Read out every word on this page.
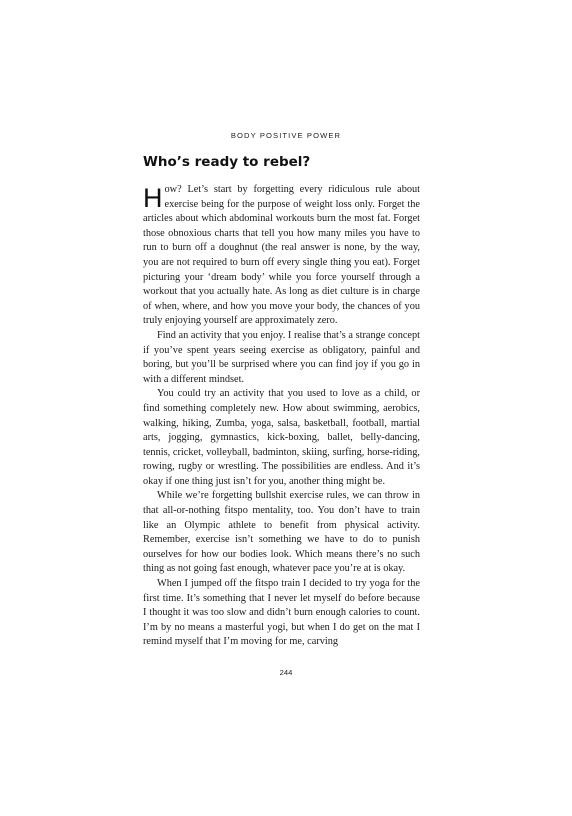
BODY POSITIVE POWER
Who’s ready to rebel?

How? Let’s start by forgetting every ridiculous rule about exercise being for the purpose of weight loss only. Forget the articles about which abdominal workouts burn the most fat. Forget those obnoxious charts that tell you how many miles you have to run to burn off a doughnut (the real answer is none, by the way, you are not required to burn off every single thing you eat). Forget picturing your ‘dream body’ while you force yourself through a workout that you actually hate. As long as diet culture is in charge of when, where, and how you move your body, the chances of you truly enjoying yourself are approximately zero.

Find an activity that you enjoy. I realise that’s a strange concept if you’ve spent years seeing exercise as obligatory, painful and boring, but you’ll be surprised where you can find joy if you go in with a different mindset.

You could try an activity that you used to love as a child, or find something completely new. How about swimming, aerobics, walking, hiking, Zumba, yoga, salsa, basketball, football, martial arts, jogging, gymnastics, kick-boxing, ballet, belly-dancing, tennis, cricket, volleyball, badminton, skiing, surfing, horse-riding, rowing, rugby or wrestling. The possibilities are endless. And it’s okay if one thing just isn’t for you, another thing might be.

While we’re forgetting bullshit exercise rules, we can throw in that all-or-nothing fitspo mentality, too. You don’t have to train like an Olympic athlete to benefit from physical activity. Remember, exercise isn’t something we have to do to punish ourselves for how our bodies look. Which means there’s no such thing as not going fast enough, whatever pace you’re at is okay.

When I jumped off the fitspo train I decided to try yoga for the first time. It’s something that I never let myself do before because I thought it was too slow and didn’t burn enough calories to count. I’m by no means a masterful yogi, but when I do get on the mat I remind myself that I’m moving for me, carving

244
